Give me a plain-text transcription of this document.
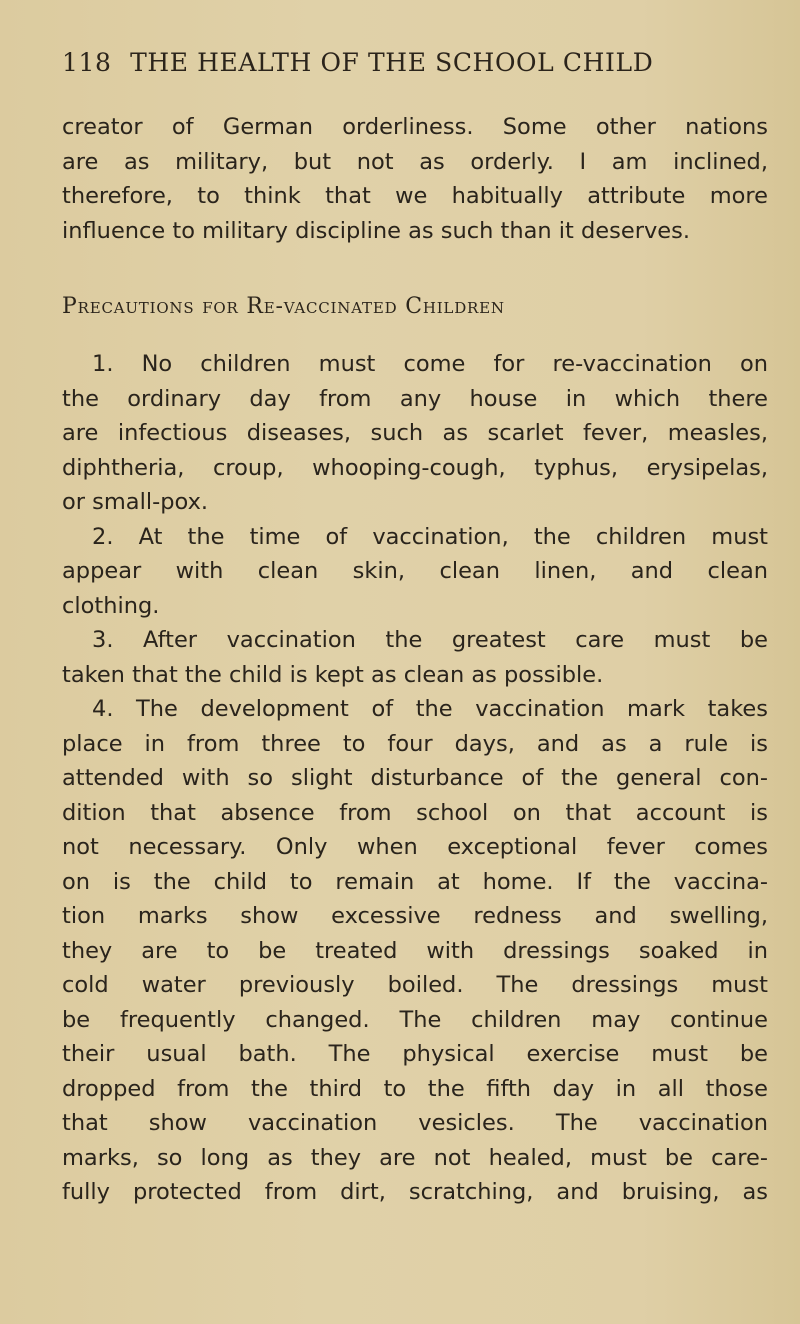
118 THE HEALTH OF THE SCHOOL CHILD
creator of German orderliness. Some other nations
are as military, but not as orderly. I am inclined,
therefore, to think that we habitually attribute more
influence to military discipline as such than it deserves.
Precautions for Re-vaccinated Children
1. No children must come for re-vaccination on
the ordinary day from any house in which there
are infectious diseases, such as scarlet fever, measles,
diphtheria, croup, whooping-cough, typhus, erysipelas,
or small-pox.
2. At the time of vaccination, the children must
appear with clean skin, clean linen, and clean
clothing.
3. After vaccination the greatest care must be
taken that the child is kept as clean as possible.
4. The development of the vaccination mark takes
place in from three to four days, and as a rule is
attended with so slight disturbance of the general con-
dition that absence from school on that account is
not necessary. Only when exceptional fever comes
on is the child to remain at home. If the vaccina-
tion marks show excessive redness and swelling,
they are to be treated with dressings soaked in
cold water previously boiled. The dressings must
be frequently changed. The children may continue
their usual bath. The physical exercise must be
dropped from the third to the fifth day in all those
that show vaccination vesicles. The vaccination
marks, so long as they are not healed, must be care-
fully protected from dirt, scratching, and bruising, as
